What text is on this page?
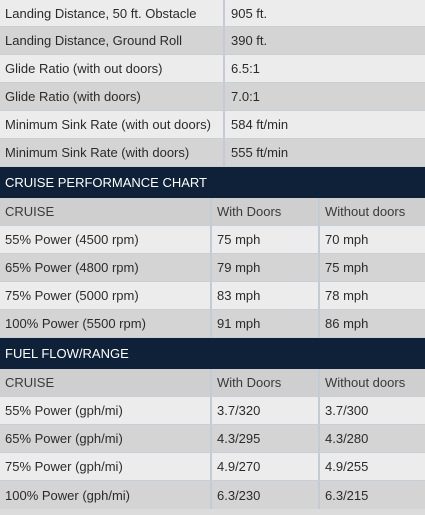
Landing Distance, 50 ft. Obstacle	905 ft.
Landing Distance, Ground Roll	390 ft.
Glide Ratio (with out doors)	6.5:1
Glide Ratio (with doors)	7.0:1
Minimum Sink Rate (with out doors)	584 ft/min
Minimum Sink Rate (with doors)	555 ft/min
CRUISE PERFORMANCE CHART
CRUISE	With Doors	Without doors
55% Power (4500 rpm)	75 mph	70 mph
65% Power (4800 rpm)	79 mph	75 mph
75% Power (5000 rpm)	83 mph	78 mph
100% Power (5500 rpm)	91 mph	86 mph
FUEL FLOW/RANGE
CRUISE	With Doors	Without doors
55% Power (gph/mi)	3.7/320	3.7/300
65% Power (gph/mi)	4.3/295	4.3/280
75% Power (gph/mi)	4.9/270	4.9/255
100% Power (gph/mi)	6.3/230	6.3/215
